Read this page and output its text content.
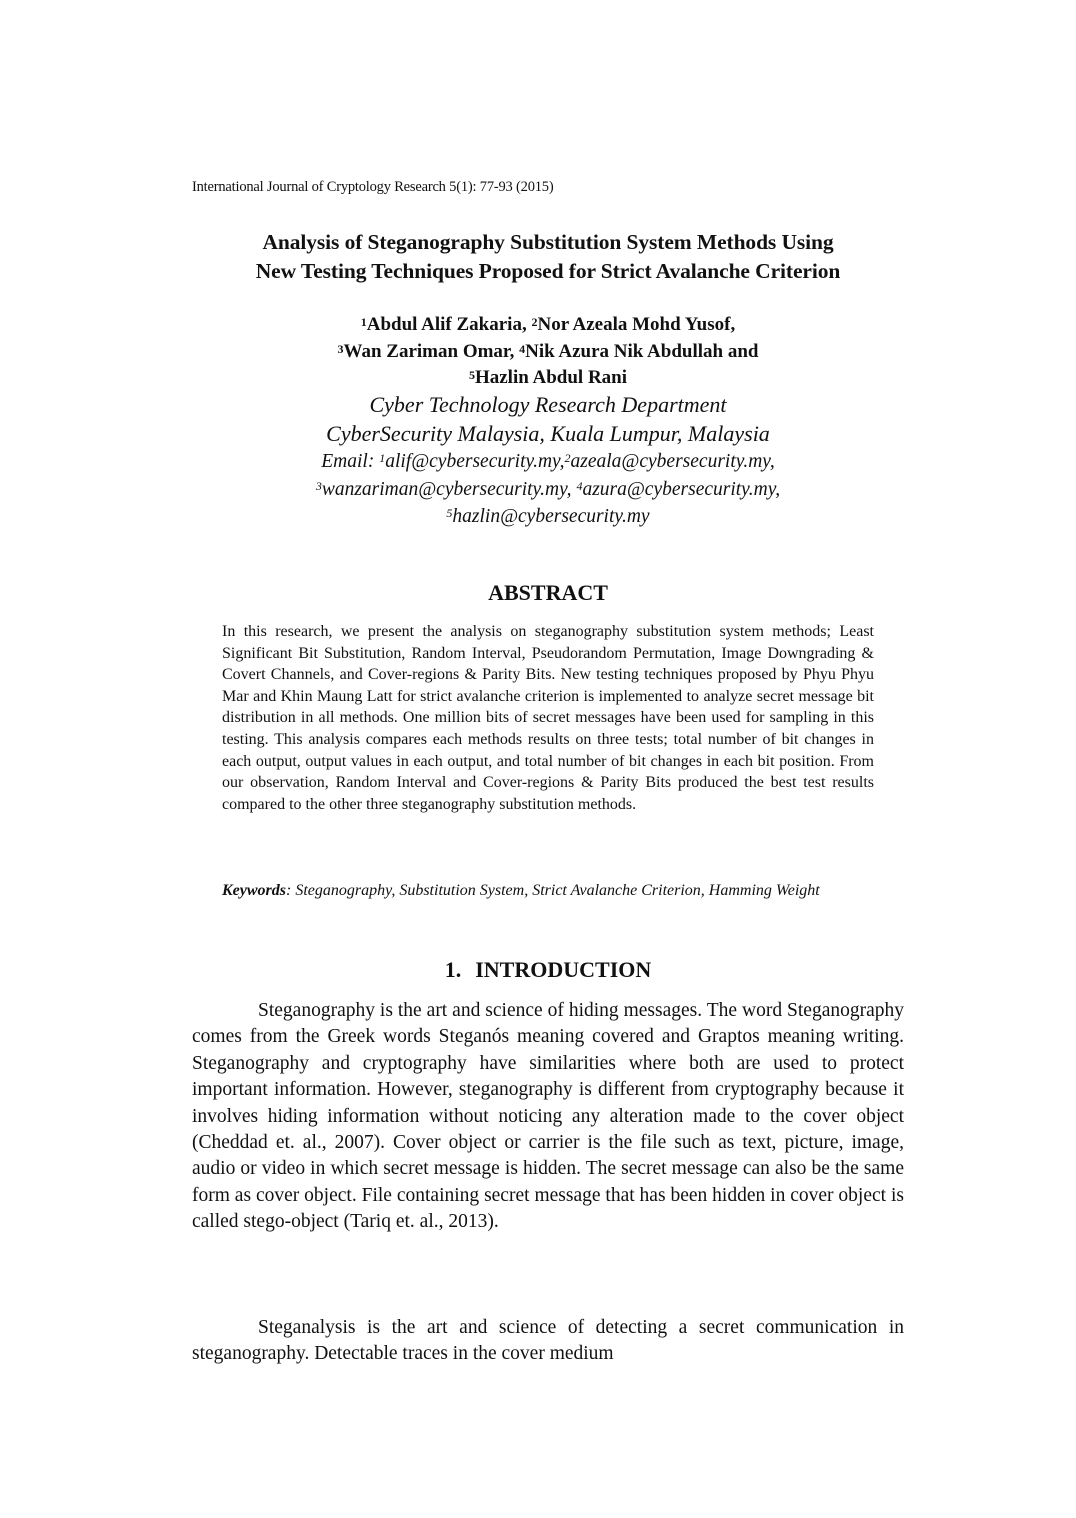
International Journal of Cryptology Research 5(1): 77-93 (2015)
Analysis of Steganography Substitution System Methods Using
New Testing Techniques Proposed for Strict Avalanche Criterion
$^1$Abdul Alif Zakaria, $^2$Nor Azeala Mohd Yusof,
$^3$Wan Zariman Omar, $^4$Nik Azura Nik Abdullah and
$^5$Hazlin Abdul Rani
Cyber Technology Research Department
CyberSecurity Malaysia, Kuala Lumpur, Malaysia
Email: $^1$alif@cybersecurity.my,$^2$azeala@cybersecurity.my,
$^3$wanzariman@cybersecurity.my, $^4$azura@cybersecurity.my,
$^5$hazlin@cybersecurity.my
ABSTRACT
In this research, we present the analysis on steganography substitution system methods; Least Significant Bit Substitution, Random Interval, Pseudorandom Permutation, Image Downgrading & Covert Channels, and Cover-regions & Parity Bits. New testing techniques proposed by Phyu Phyu Mar and Khin Maung Latt for strict avalanche criterion is implemented to analyze secret message bit distribution in all methods. One million bits of secret messages have been used for sampling in this testing. This analysis compares each methods results on three tests; total number of bit changes in each output, output values in each output, and total number of bit changes in each bit position. From our observation, Random Interval and Cover-regions & Parity Bits produced the best test results compared to the other three steganography substitution methods.
Keywords: Steganography, Substitution System, Strict Avalanche Criterion, Hamming Weight
1. INTRODUCTION
Steganography is the art and science of hiding messages. The word Steganography comes from the Greek words Steganós meaning covered and Graptos meaning writing. Steganography and cryptography have similarities where both are used to protect important information. However, steganography is different from cryptography because it involves hiding information without noticing any alteration made to the cover object (Cheddad et. al., 2007). Cover object or carrier is the file such as text, picture, image, audio or video in which secret message is hidden. The secret message can also be the same form as cover object. File containing secret message that has been hidden in cover object is called stego-object (Tariq et. al., 2013).
Steganalysis is the art and science of detecting a secret communication in steganography. Detectable traces in the cover medium
